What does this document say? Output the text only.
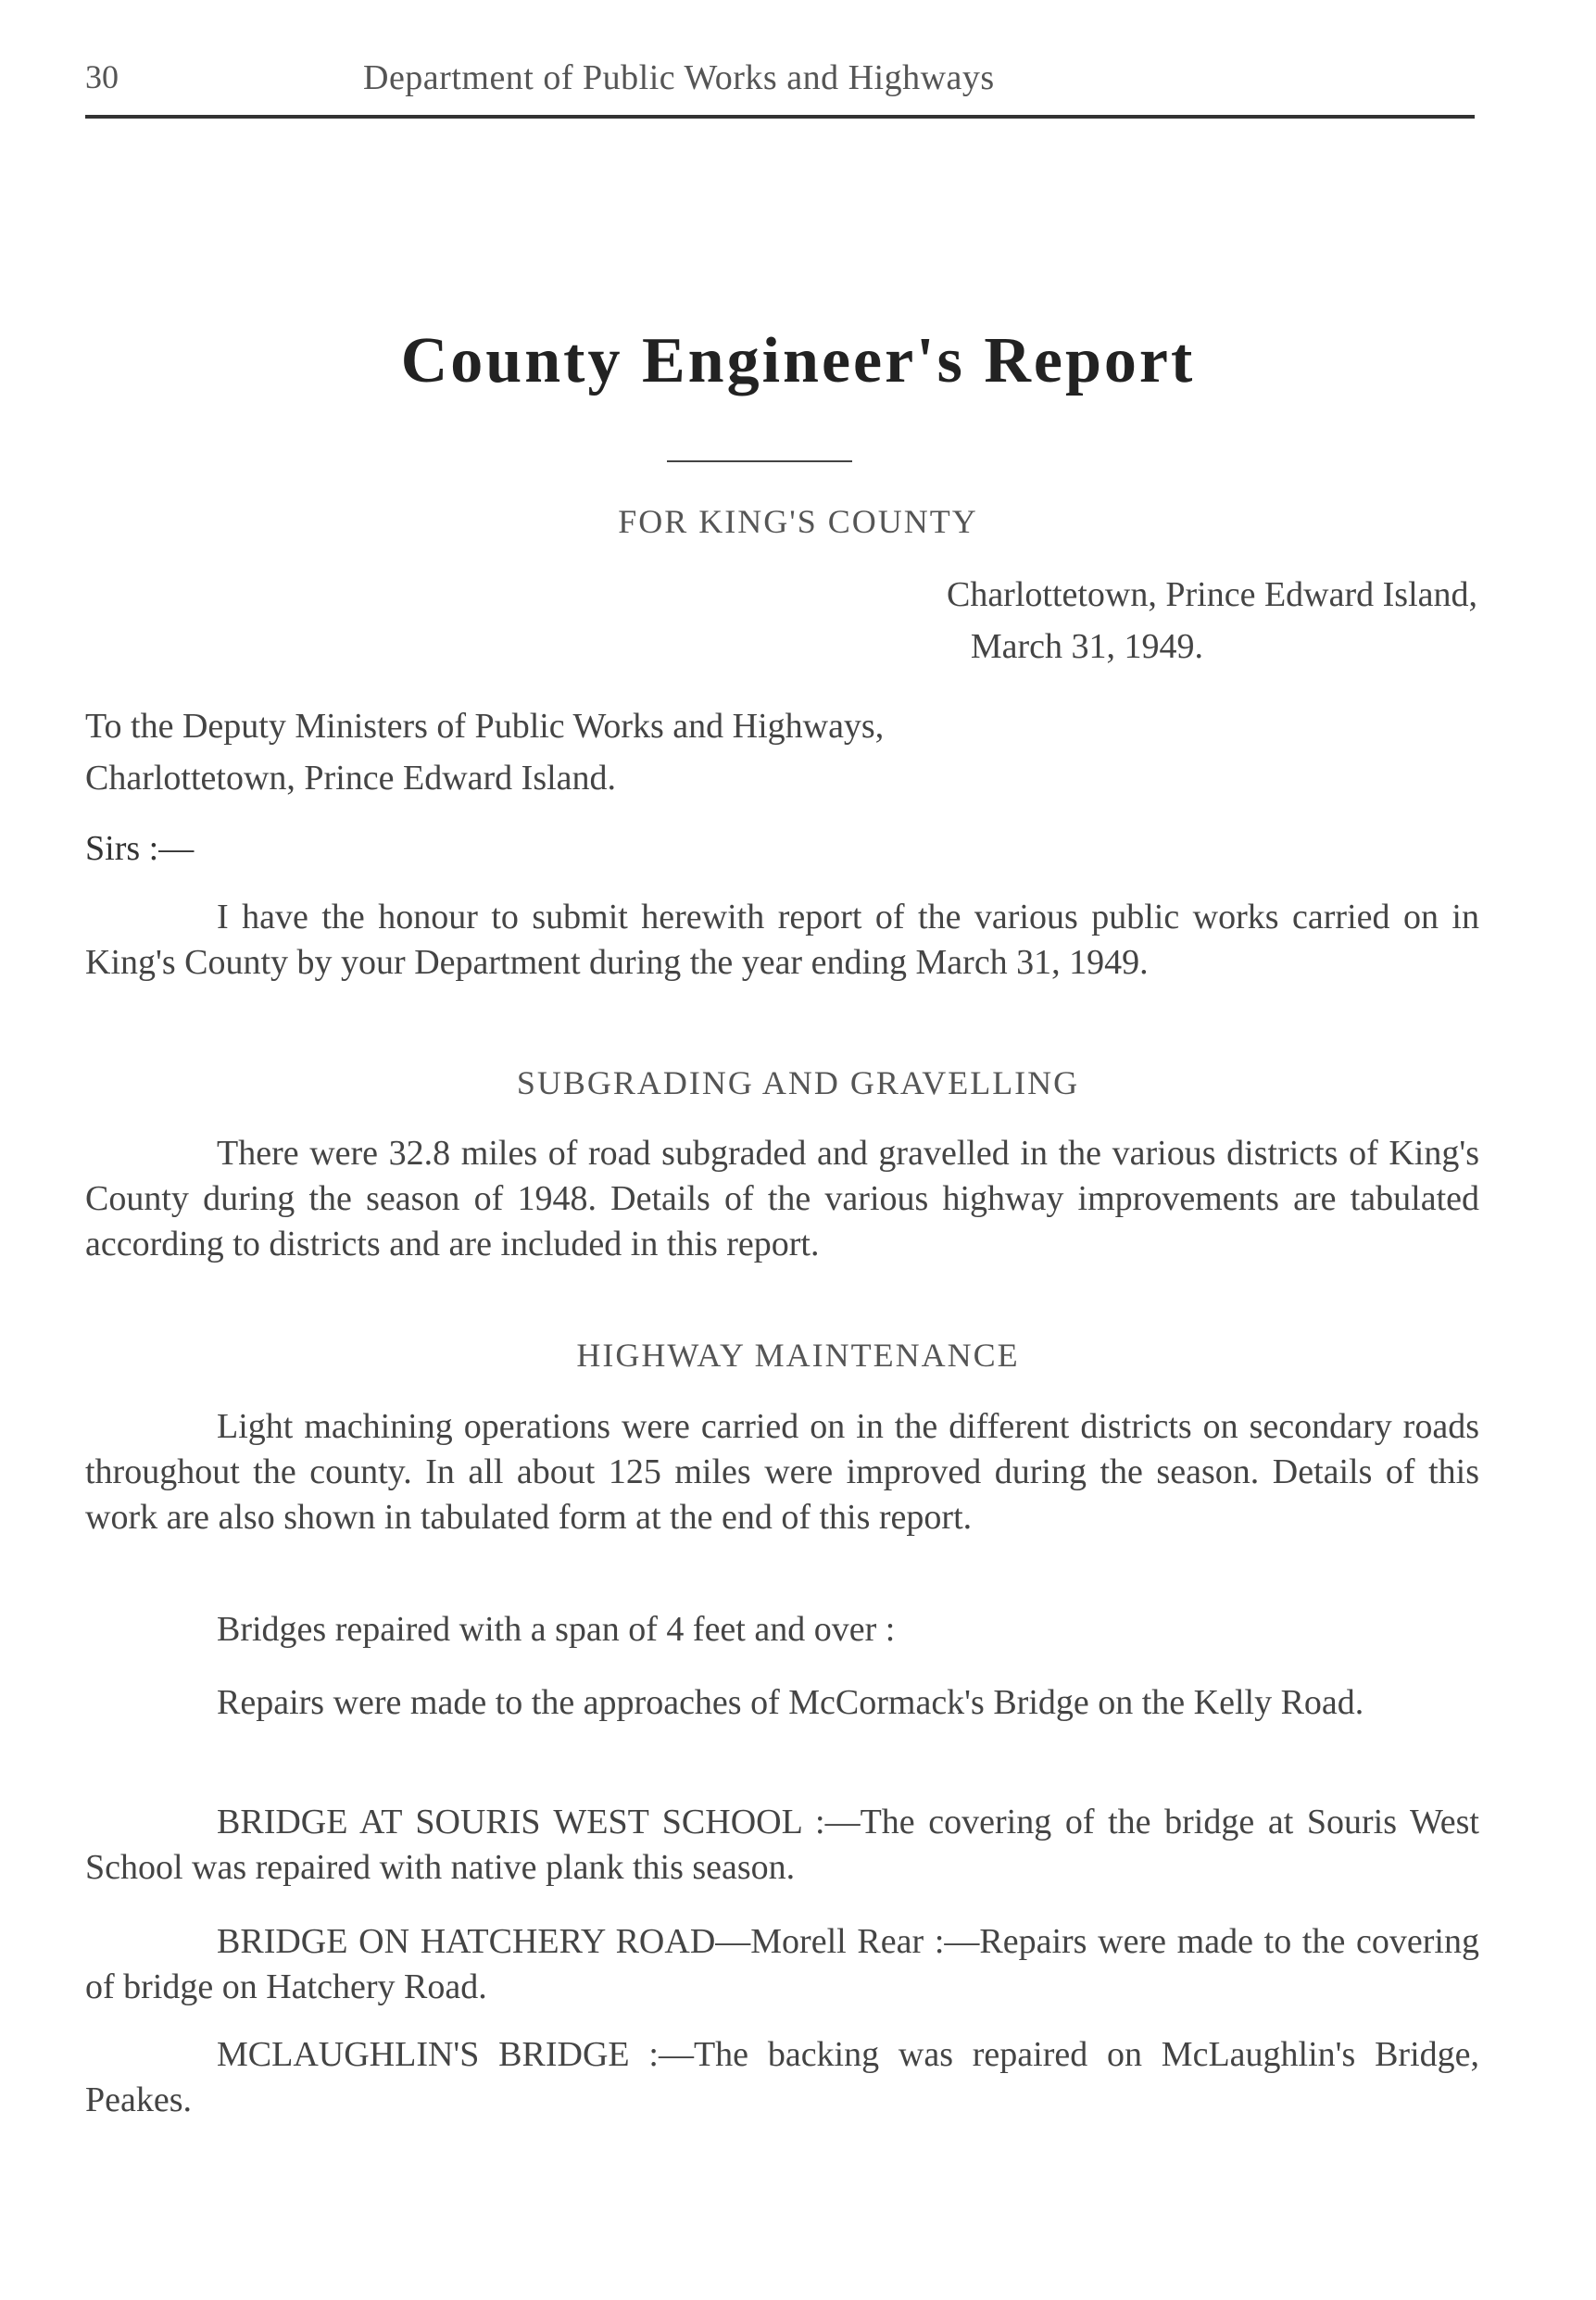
30	Department of Public Works and Highways
County Engineer's Report
FOR KING'S COUNTY
Charlottetown, Prince Edward Island,
March 31, 1949.
To the Deputy Ministers of Public Works and Highways,
Charlottetown, Prince Edward Island.
Sirs :—

I have the honour to submit herewith report of the various public works carried on in King's County by your Department during the year ending March 31, 1949.

SUBGRADING AND GRAVELLING

There were 32.8 miles of road subgraded and gravelled in the various districts of King's County during the season of 1948. Details of the various highway improvements are tabulated according to districts and are included in this report.

HIGHWAY MAINTENANCE

Light machining operations were carried on in the different districts on secondary roads throughout the county. In all about 125 miles were improved during the season. Details of this work are also shown in tabulated form at the end of this report.

Bridges repaired with a span of 4 feet and over :

Repairs were made to the approaches of McCormack's Bridge on the Kelly Road.

BRIDGE AT SOURIS WEST SCHOOL :—The covering of the bridge at Souris West School was repaired with native plank this season.

BRIDGE ON HATCHERY ROAD—Morell Rear :—Repairs were made to the covering of bridge on Hatchery Road.

MCLAUGHLIN'S BRIDGE :—The backing was repaired on McLaughlin's Bridge, Peakes.
